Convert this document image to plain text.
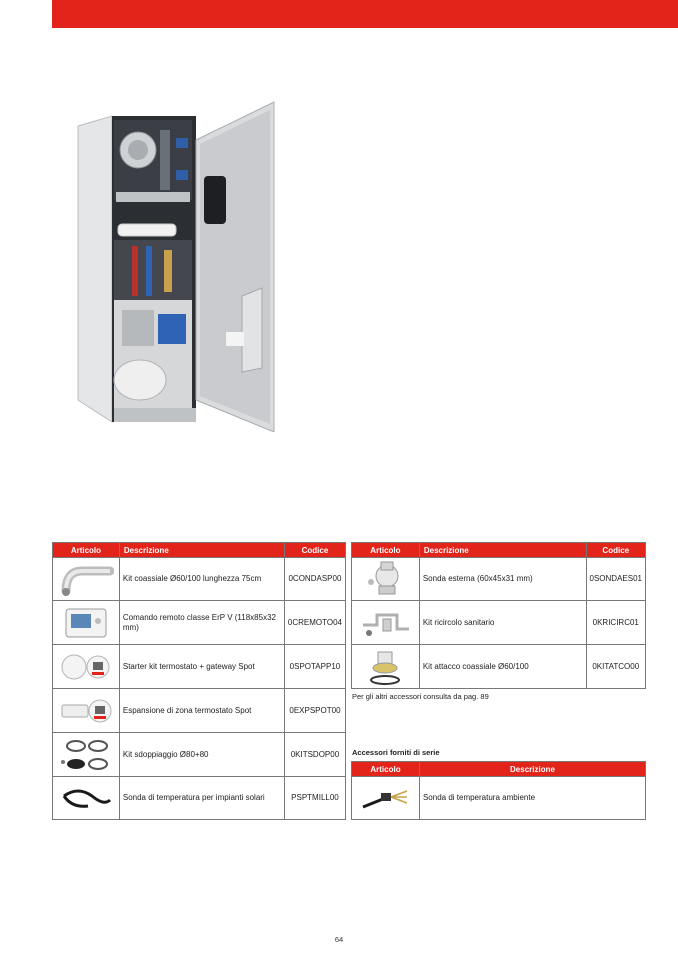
Articolo	Descrizione	Codice
	Kit coassiale Ø60/100 lunghezza 75cm	0CONDASP00
	Comando remoto classe ErP V (118x85x32 mm)	0CREMOTO04
	Starter kit termostato + gateway Spot	0SPOTAPP10
	Espansione di zona termostato Spot	0EXPSPOT00
	Kit sdoppiaggio Ø80+80	0KITSDOP00
	Sonda di temperatura per impianti solari	PSPTMILL00
Articolo	Descrizione	Codice
	Sonda esterna (60x45x31 mm)	0SONDAES01
	Kit ricircolo sanitario	0KRICIRC01
	Kit attacco coassiale Ø60/100	0KITATCO00
Per gli altri accessori consulta da pag. 89
Accessori forniti di serie
Articolo	Descrizione
	Sonda di temperatura ambiente
64
